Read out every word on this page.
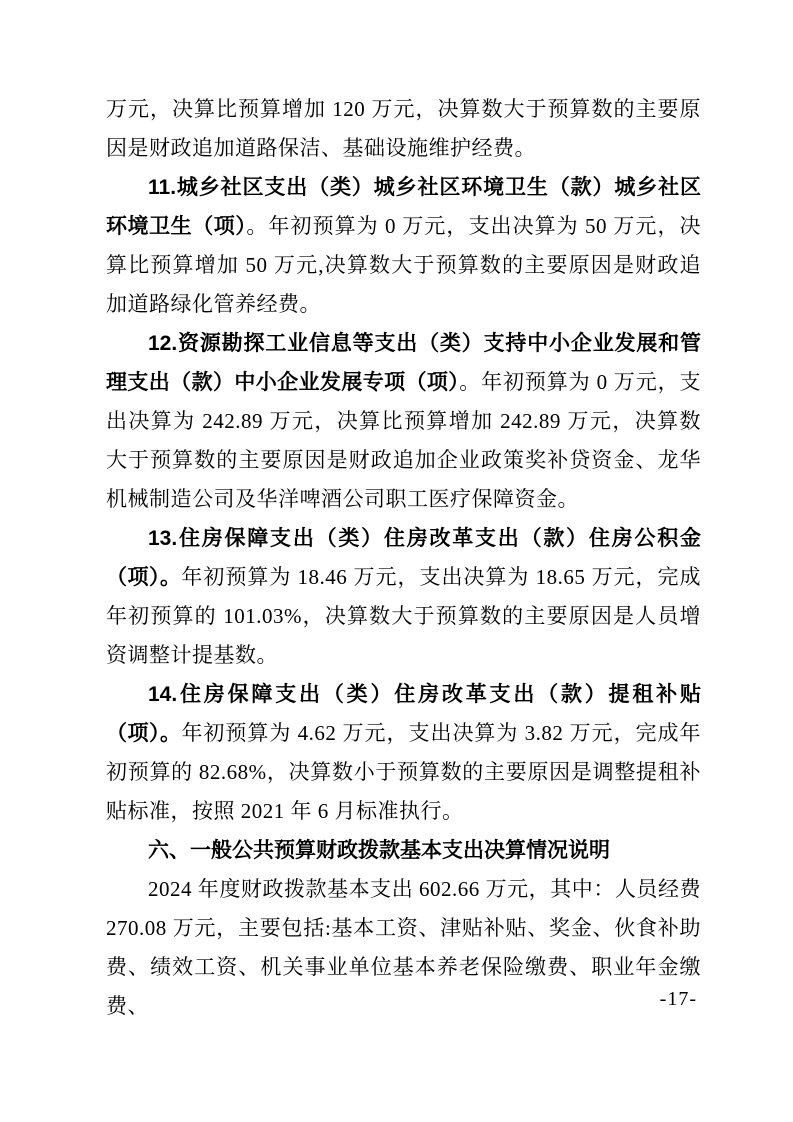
万元，决算比预算增加 120 万元，决算数大于预算数的主要原因是财政追加道路保洁、基础设施维护经费。

11.城乡社区支出（类）城乡社区环境卫生（款）城乡社区环境卫生（项）。年初预算为 0 万元，支出决算为 50 万元，决算比预算增加 50 万元,决算数大于预算数的主要原因是财政追加道路绿化管养经费。

12.资源勘探工业信息等支出（类）支持中小企业发展和管理支出（款）中小企业发展专项（项）。年初预算为 0 万元，支出决算为 242.89 万元，决算比预算增加 242.89 万元，决算数大于预算数的主要原因是财政追加企业政策奖补贷资金、龙华机械制造公司及华洋啤酒公司职工医疗保障资金。

13.住房保障支出（类）住房改革支出（款）住房公积金（项）。年初预算为 18.46 万元，支出决算为 18.65 万元，完成年初预算的 101.03%，决算数大于预算数的主要原因是人员增资调整计提基数。

14.住房保障支出（类）住房改革支出（款）提租补贴（项）。年初预算为 4.62 万元，支出决算为 3.82 万元，完成年初预算的 82.68%，决算数小于预算数的主要原因是调整提租补贴标准，按照 2021 年 6 月标准执行。

六、一般公共预算财政拨款基本支出决算情况说明

2024 年度财政拨款基本支出 602.66 万元，其中：人员经费 270.08 万元，主要包括:基本工资、津贴补贴、奖金、伙食补助费、绩效工资、机关事业单位基本养老保险缴费、职业年金缴费、	-17-
